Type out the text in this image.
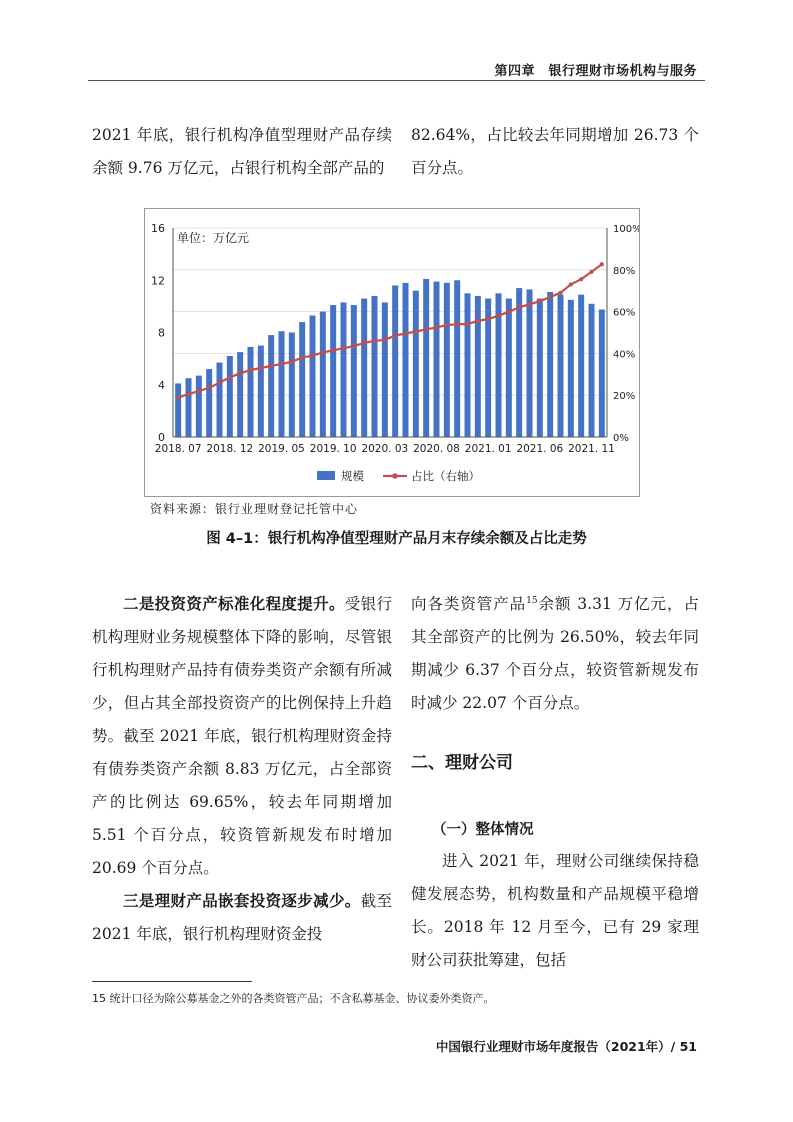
第四章　银行理财市场机构与服务

2021 年底，银行机构净值型理财产品存续余额 9.76 万亿元，占银行机构全部产品的

82.64%，占比较去年同期增加 26.73 个百分点。

单位：万亿元
0
4
8
12
16
0%
20%
40%
60%
80%
100%
2018. 07 2018. 12 2019. 05 2019. 10 2020. 03 2020. 08 2021. 01 2021. 06 2021. 11
规模	占比（右轴）
资料来源：银行业理财登记托管中心
图 4–1：银行机构净值型理财产品月末存续余额及占比走势

二是投资资产标准化程度提升。受银行机构理财业务规模整体下降的影响，尽管银行机构理财产品持有债券类资产余额有所减少，但占其全部投资资产的比例保持上升趋势。截至 2021 年底，银行机构理财资金持有债券类资产余额 8.83 万亿元，占全部资产的比例达 69.65%，较去年同期增加 5.51 个百分点，较资管新规发布时增加 20.69 个百分点。

三是理财产品嵌套投资逐步减少。截至 2021 年底，银行机构理财资金投

向各类资管产品$^{15}$余额 3.31 万亿元，占其全部资产的比例为 26.50%，较去年同期减少 6.37 个百分点，较资管新规发布时减少 22.07 个百分点。

二、理财公司
（一）整体情况

进入 2021 年，理财公司继续保持稳健发展态势，机构数量和产品规模平稳增长。2018 年 12 月至今，已有 29 家理财公司获批筹建，包括

15 统计口径为除公募基金之外的各类资管产品；不含私募基金、协议委外类资产。
中国银行业理财市场年度报告（2021年）/ 51
